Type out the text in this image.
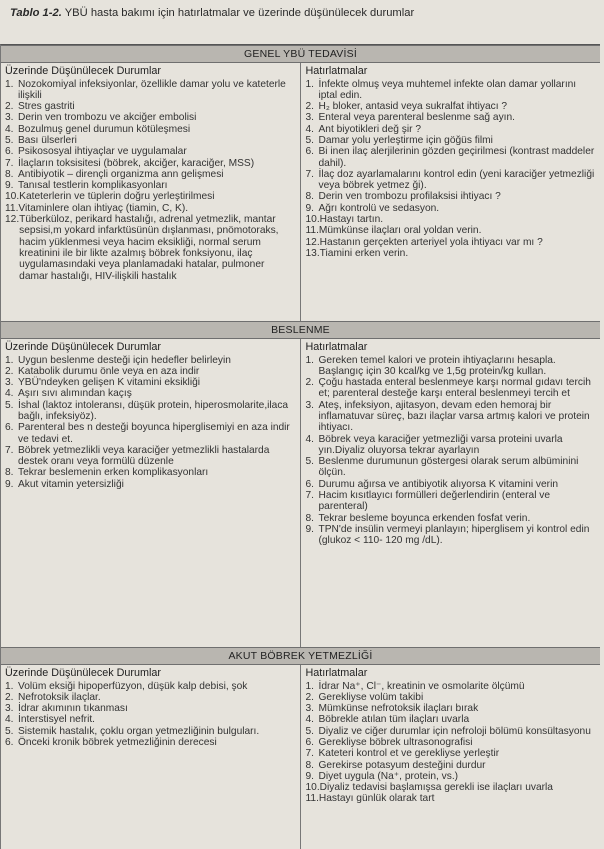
Tablo 1-2. YBÜ hasta bakımı için hatırlatmalar ve üzerinde düşünülecek durumlar
GENEL YBÜ TEDAVİSİ
Üzerinde Düşünülecek Durumlar
1. Nozokomiyal infeksiyonlar, özellikle damar yolu ve kateterle ilişkili
2. Stres gastriti
3. Derin ven trombozu ve akciğer embolisi
4. Bozulmuş genel durumun kötüleşmesi
5. Bası ülserleri
6. Psikososyal ihtiyaçlar ve uygulamalar
7. İlaçların toksisitesi (böbrek, akciğer, karaciğer, MSS)
8. Antibiyotik – dirençli organizma ann gelişmesi
9. Tanısal testlerin komplikasyonları
10. Kateterlerin ve tüplerin doğru yerleştirilmesi
11. Vitaminlere olan ihtiyaç (tiamin, C, K).
12. Tüberküloz, perikard hastalığı, adrenal yetmezlik, mantar sepsisi,m yokard infarktüsünün dışlanması, pnömotoraks, hacim yüklenmesi veya hacim eksikliği, normal serum kreatinini ile bir likte azalmış böbrek fonksiyonu, ilaç uygulamasındaki veya planlamadaki hatalar, pulmoner damar hastalığı, HIV-ilişkili hastalık
Hatırlatmalar
1. İnfekte olmuş veya muhtemel infekte olan damar yollarını iptal edin.
2. H₂ bloker, antasid veya sukralfat ihtiyacı ?
3. Enteral veya parenteral beslenme sağ ayın.
4. Ant biyotikleri değ şir ?
5. Damar yolu yerleştirme için göğüs filmi
6. Bi inen ilaç alerjilerinin gözden geçirilmesi (kontrast maddeler dahil).
7. İlaç doz ayarlamalarını kontrol edin (yeni karaciğer yetmezliği veya böbrek yetmez ği).
8. Derin ven trombozu profilaksisi ihtiyacı ?
9. Ağrı kontrolü ve sedasyon.
10. Hastayı tartın.
11. Mümkünse ilaçları oral yoldan verin.
12. Hastanın gerçekten arteriyel yola ihtiyacı var mı ?
13. Tiamini erken verin.
BESLENME
Üzerinde Düşünülecek Durumlar
1. Uygun beslenme desteği için hedefler belirleyin
2. Katabolik durumu önle veya en aza indir
3. YBÜ'ndeyken gelişen K vitamini eksikliği
4. Aşırı sıvı alımından kaçış
5. İshal (laktoz intoleransı, düşük protein, hiperosmolarite,ilaca bağlı, infeksiyöz).
6. Parenteral bes n desteği boyunca hiperglisemiyi en aza indir ve tedavi et.
7. Böbrek yetmezlikli veya karaciğer yetmezlikli hastalarda destek oranı veya formülü düzenle
8. Tekrar beslemenin erken komplikasyonları
9. Akut vitamin yetersizliği
Hatırlatmalar
1. Gereken temel kalori ve protein ihtiyaçlarını hesapla. Başlangıç için 30 kcal/kg ve 1,5g protein/kg kullan.
2. Çoğu hastada enteral beslenmeye karşı normal gıdavı tercih et; parenteral desteğe karşı enteral beslenmeyi tercih et
3. Ateş, infeksiyon, ajitasyon, devam eden hemoraj bir inflamatuvar süreç, bazı ilaçlar varsa artmış kalori ve protein ihtiyacı.
4. Böbrek veya karaciğer yetmezliği varsa proteini uvarla yın.Diyaliz oluyorsa tekrar ayarlayın
5. Beslenme durumunun göstergesi olarak serum albüminini ölçün.
6. Durumu ağırsa ve antibiyotik alıyorsa K vitamini verin
7. Hacim kısıtlayıcı formülleri değerlendirin (enteral ve parenteral)
8. Tekrar besleme boyunca erkenden fosfat verin.
9. TPN'de insülin vermeyi planlayın; hiperglisem yi kontrol edin (glukoz < 110- 120 mg /dL).
AKUT BÖBREK YETMEZLİĞİ
Üzerinde Düşünülecek Durumlar
1. Volüm eksiği hipoperfüzyon, düşük kalp debisi, şok
2. Nefrotoksik ilaçlar.
3. İdrar akımının tıkanması
4. İnterstisyel nefrit.
5. Sistemik hastalık, çoklu organ yetmezliğinin bulguları.
6. Önceki kronik böbrek yetmezliğinin derecesi
Hatırlatmalar
1. İdrar Na⁺, Cl⁻, kreatinin ve osmolarite ölçümü
2. Gerekliyse volüm takibi
3. Mümkünse nefrotoksik ilaçları bırak
4. Böbrekle atılan tüm ilaçları uvarla
5. Diyaliz ve ciğer durumlar için nefroloji bölümü konsültasyonu
6. Gerekliyse böbrek ultrasonografisi
7. Kateteri kontrol et ve gerekliyse yerleştir
8. Gerekirse potasyum desteğini durdur
9. Diyet uygula (Na⁺, protein, vs.)
10. Diyaliz tedavisi başlamışsa gerekli ise ilaçları uvarla
11. Hastayı günlük olarak tart
